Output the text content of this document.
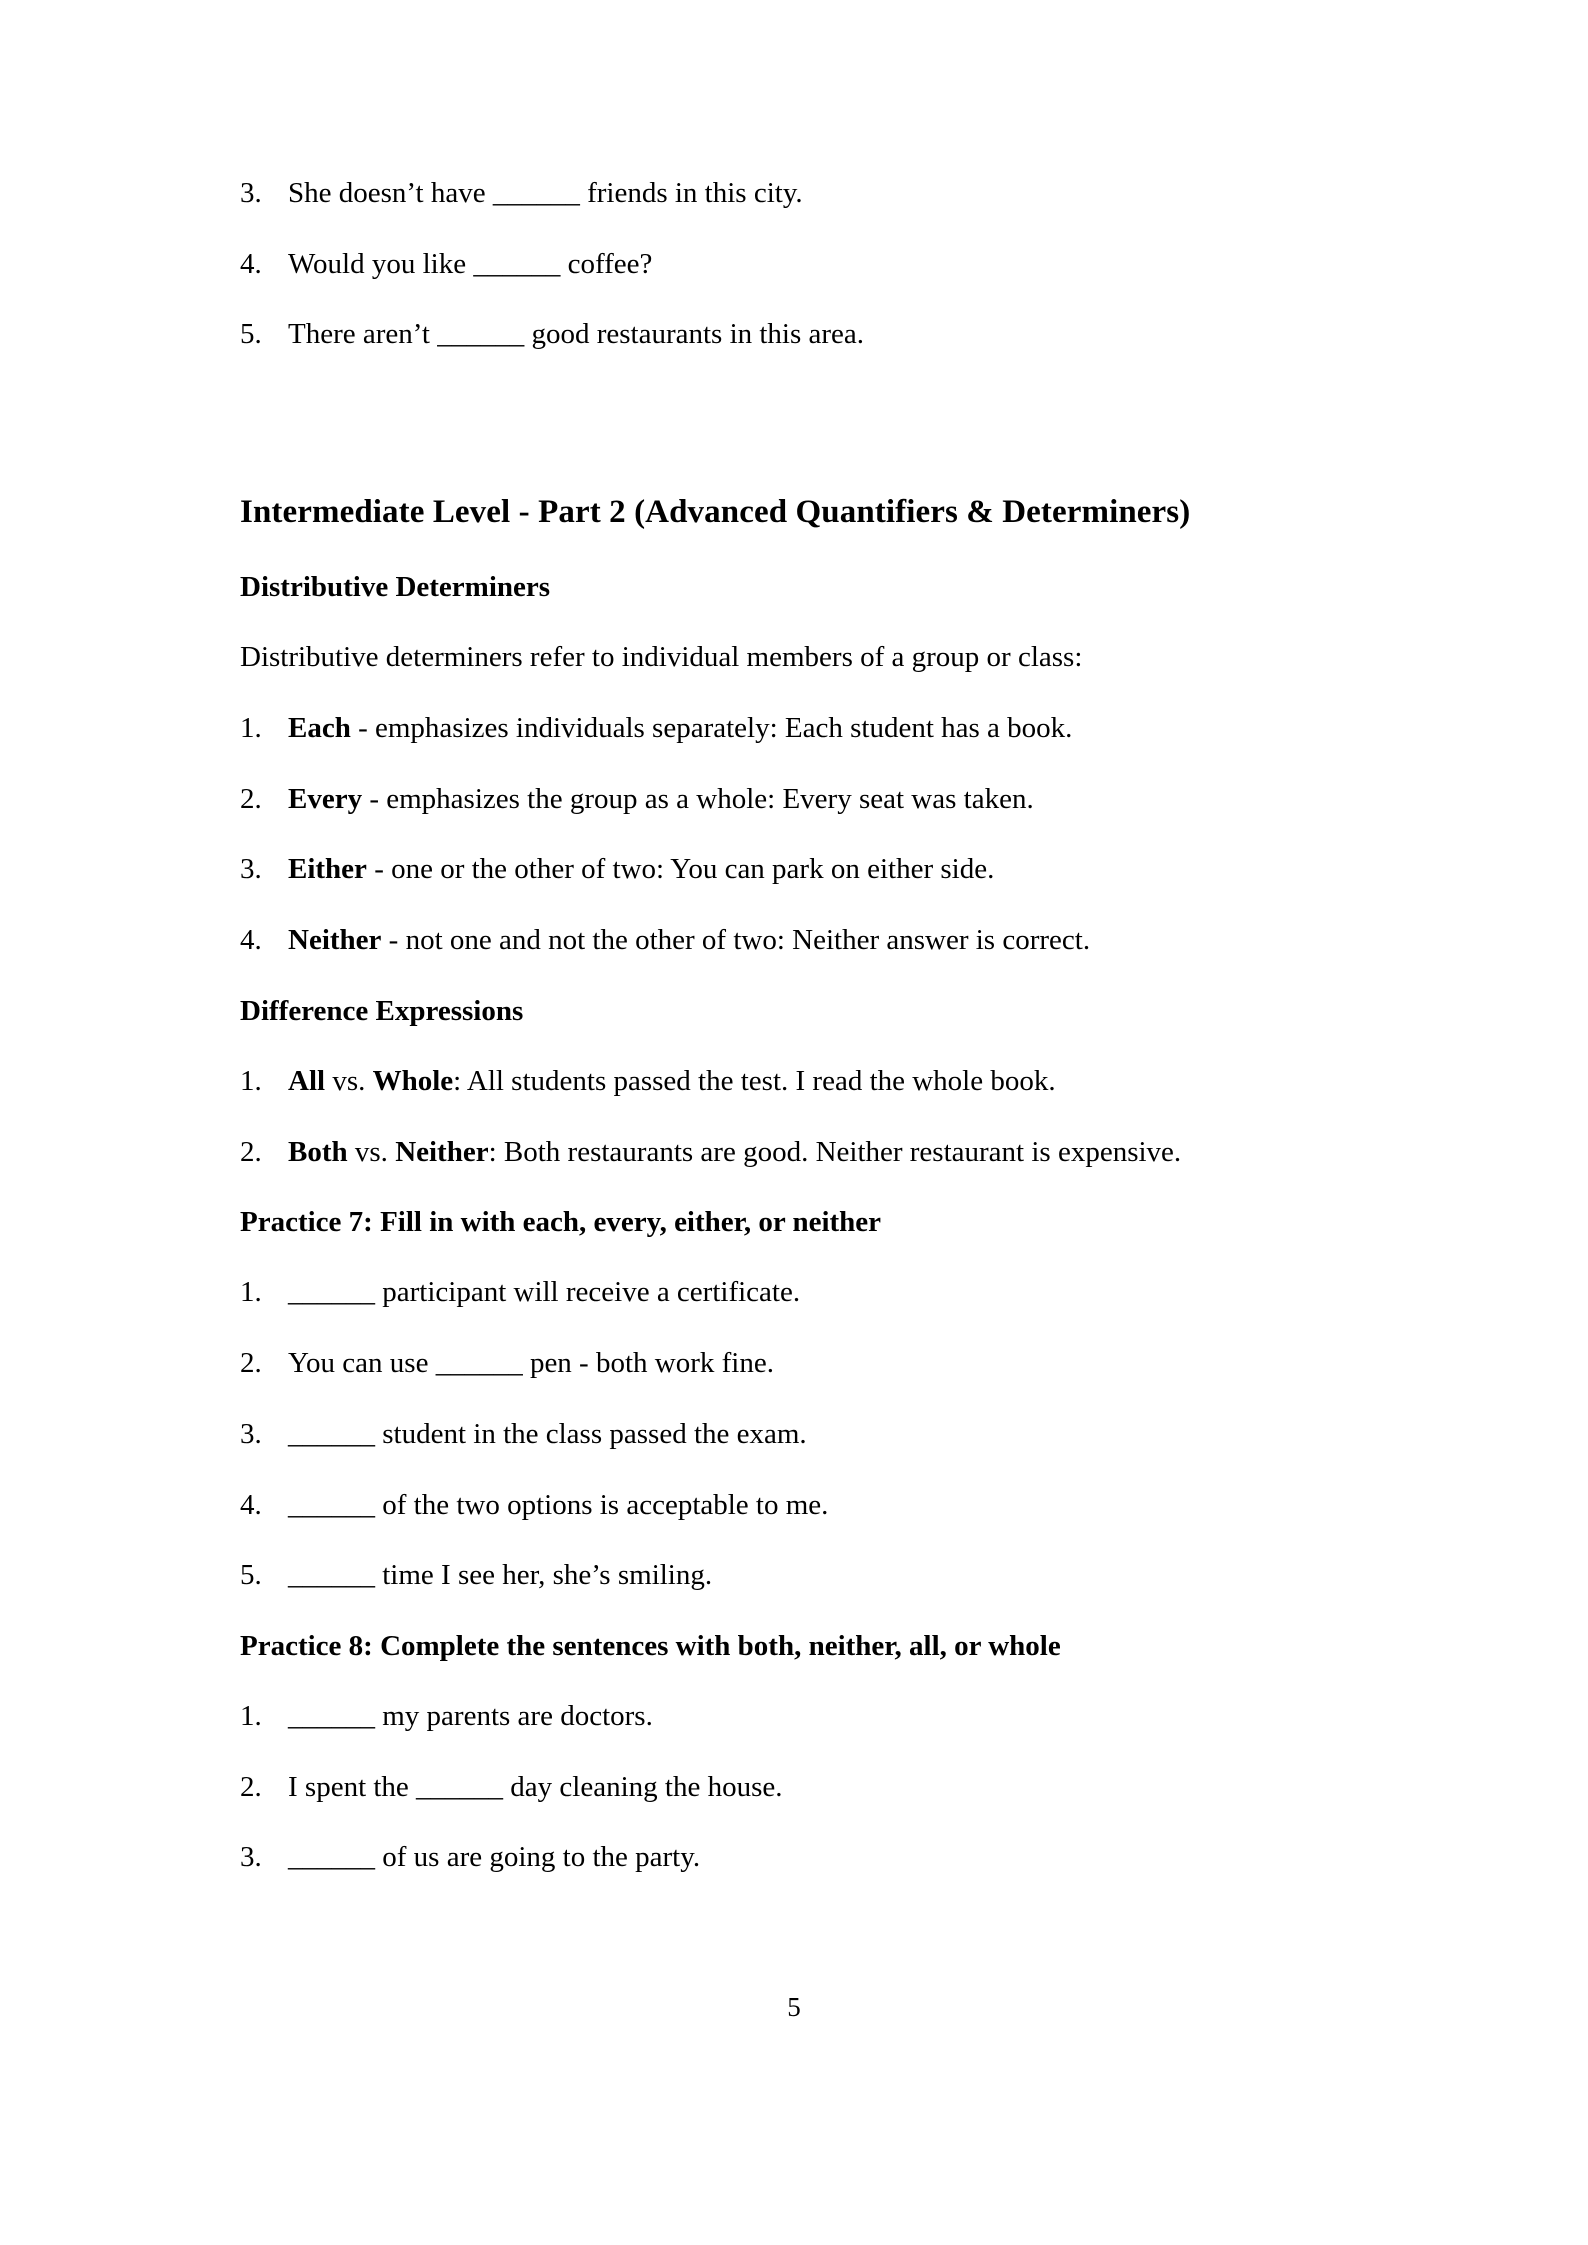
3. She doesn’t have ______ friends in this city.
4. Would you like ______ coffee?
5. There aren’t ______ good restaurants in this area.
Intermediate Level - Part 2 (Advanced Quantifiers & Determiners)
Distributive Determiners
Distributive determiners refer to individual members of a group or class:
1. Each - emphasizes individuals separately: Each student has a book.
2. Every - emphasizes the group as a whole: Every seat was taken.
3. Either - one or the other of two: You can park on either side.
4. Neither - not one and not the other of two: Neither answer is correct.
Difference Expressions
1. All vs. Whole: All students passed the test. I read the whole book.
2. Both vs. Neither: Both restaurants are good. Neither restaurant is expensive.
Practice 7: Fill in with each, every, either, or neither
1. ______ participant will receive a certificate.
2. You can use ______ pen - both work fine.
3. ______ student in the class passed the exam.
4. ______ of the two options is acceptable to me.
5. ______ time I see her, she’s smiling.
Practice 8: Complete the sentences with both, neither, all, or whole
1. ______ my parents are doctors.
2. I spent the ______ day cleaning the house.
3. ______ of us are going to the party.
5
